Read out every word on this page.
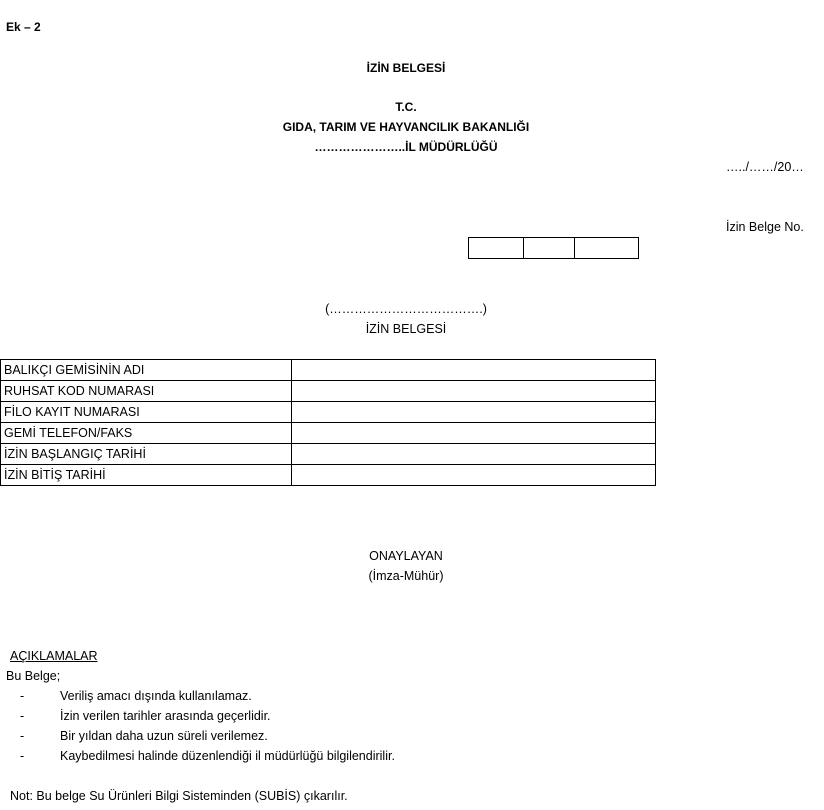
Ek – 2
İZİN BELGESİ
T.C.
GIDA, TARIM VE HAYVANCILIK BAKANLIĞI
…………………..İL MÜDÜRLÜĞÜ
…../……/20…
İzin Belge No.
(……………………………….)
İZİN BELGESİ
BALIKÇI GEMİSİNİN ADI	
RUHSAT KOD NUMARASI	
FİLO KAYIT NUMARASI	
GEMİ TELEFON/FAKS	
İZİN BAŞLANGIÇ TARİHİ	
İZİN BİTİŞ TARİHİ	
ONAYLAYAN
(İmza-Mühür)
AÇIKLAMALAR
Bu Belge;
-	Veriliş amacı dışında kullanılamaz.
-	İzin verilen tarihler arasında geçerlidir.
-	Bir yıldan daha uzun süreli verilemez.
-	Kaybedilmesi halinde düzenlendiği il müdürlüğü bilgilendirilir.
Not: Bu belge Su Ürünleri Bilgi Sisteminden (SUBİS) çıkarılır.
